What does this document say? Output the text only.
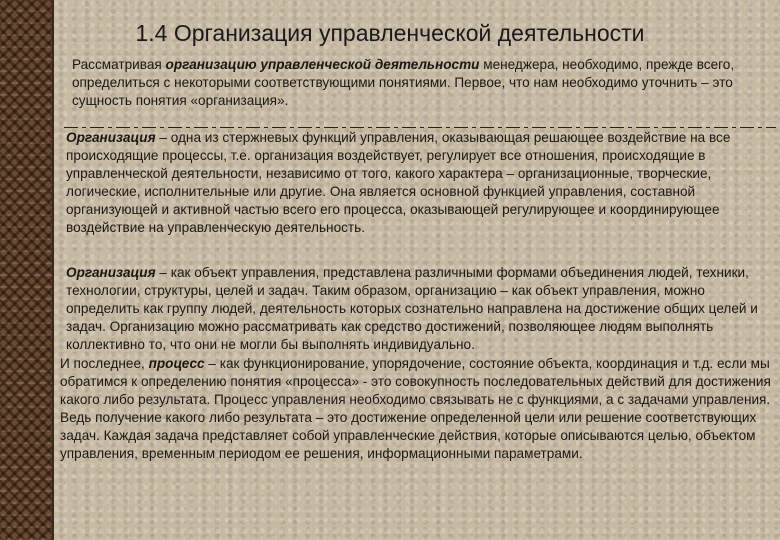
1.4 Организация управленческой деятельности

Рассматривая организацию управленческой деятельности менеджера, необходимо, прежде всего, определиться с некоторыми соответствующими понятиями. Первое, что нам необходимо уточнить – это сущность понятия «организация».

Организация – одна из стержневых функций управления, оказывающая решающее воздействие на все происходящие процессы, т.е. организация воздействует, регулирует все отношения, происходящие в управленческой деятельности, независимо от того, какого характера – организационные, творческие, логические, исполнительные или другие. Она является основной функцией управления, составной организующей и активной частью всего его процесса, оказывающей регулирующее и координирующее воздействие на управленческую деятельность.

Организация – как объект управления, представлена различными формами объединения людей, техники, технологии, структуры, целей и задач. Таким образом, организацию – как объект управления, можно определить как группу людей, деятельность которых сознательно направлена на достижение общих целей и задач. Организацию можно рассматривать как средство достижений, позволяющее людям выполнять коллективно то, что они не могли бы выполнять индивидуально.

И последнее, процесс – как функционирование, упорядочение, состояние объекта, координация и т.д. если мы обратимся к определению понятия «процесса» - это совокупность последовательных действий для достижения какого либо результата. Процесс управления необходимо связывать не с функциями, а с задачами управления. Ведь получение какого либо результата – это достижение определенной цели или решение соответствующих задач. Каждая задача представляет собой управленческие действия, которые описываются целью, объектом управления, временным периодом ее решения, информационными параметрами.
